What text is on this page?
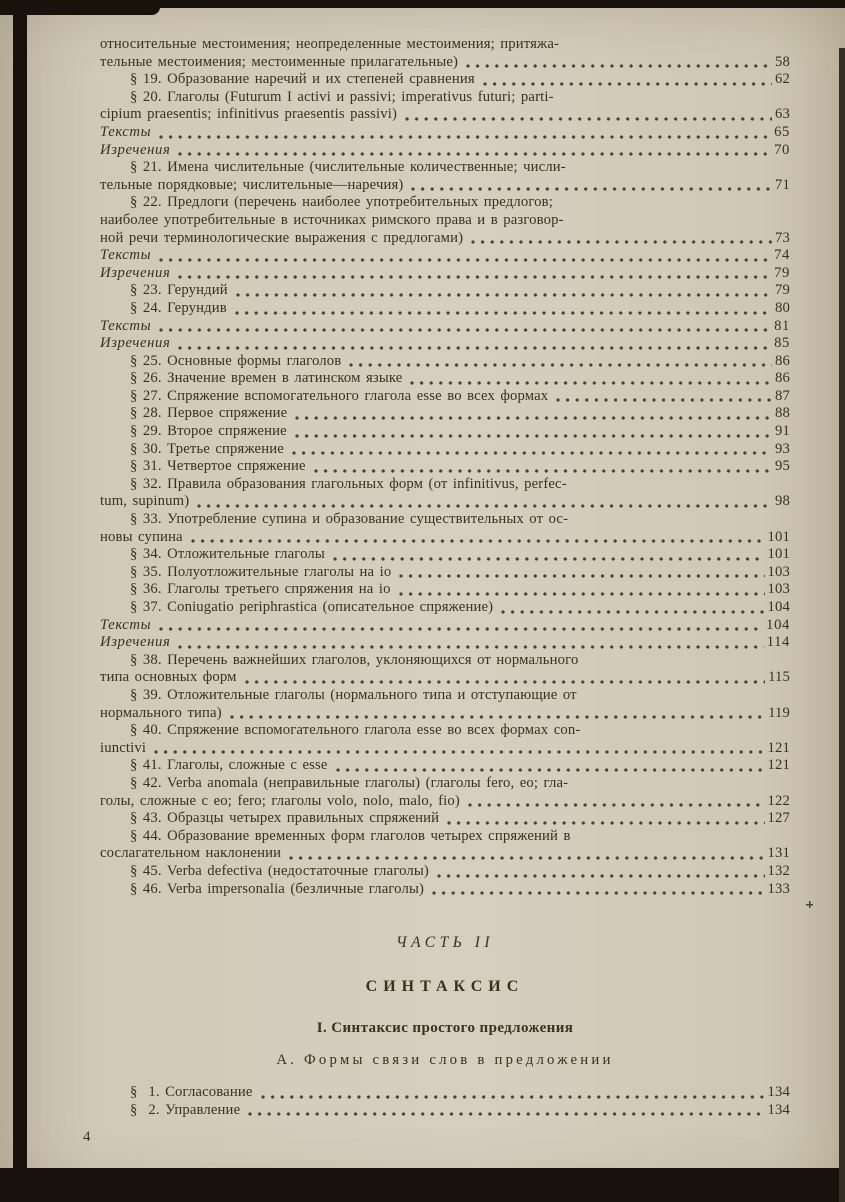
относительные местоимения; неопределенные местоимения; притяжа-
тельные местоимения; местоименные прилагательные)	58
§ 19. Образование наречий и их степеней сравнения	62
§ 20. Глаголы (Futurum I activi и passivi; imperativus futuri; parti-
cipium praesentis; infinitivus praesentis passivi)	63
Тексты	65
Изречения	70
§ 21. Имена числительные (числительные количественные; числи-
тельные порядковые; числительные—наречия)	71
§ 22. Предлоги (перечень наиболее употребительных предлогов;
наиболее употребительные в источниках римского права и в разговор-
ной речи терминологические выражения с предлогами)	73
Тексты	74
Изречения	79
§ 23. Герундий	79
§ 24. Герундив	80
Тексты	81
Изречения	85
§ 25. Основные формы глаголов	86
§ 26. Значение времен в латинском языке	86
§ 27. Спряжение вспомогательного глагола esse во всех формах	87
§ 28. Первое спряжение	88
§ 29. Второе спряжение	91
§ 30. Третье спряжение	93
§ 31. Четвертое спряжение	95
§ 32. Правила образования глагольных форм (от infinitivus, perfec-
tum, supinum)	98
§ 33. Употребление супина и образование существительных от ос-
новы супина	101
§ 34. Отложительные глаголы	101
§ 35. Полуотложительные глаголы на io	103
§ 36. Глаголы третьего спряжения на io	103
§ 37. Coniugatio periphrastica (описательное спряжение)	104
Тексты	104
Изречения	114
§ 38. Перечень важнейших глаголов, уклоняющихся от нормального
типа основных форм	115
§ 39. Отложительные глаголы (нормального типа и отступающие от
нормального типа)	119
§ 40. Спряжение вспомогательного глагола esse во всех формах con-
iunctivi	121
§ 41. Глаголы, сложные с esse	121
§ 42. Verba anomala (неправильные глаголы) (глаголы fero, eo; гла-
голы, сложные с eo; fero; глаголы volo, nolo, malo, fio)	122
§ 43. Образцы четырех правильных спряжений	127
§ 44. Образование временных форм глаголов четырех спряжений в
сослагательном наклонении	131
§ 45. Verba defectiva (недостаточные глаголы)	132
§ 46. Verba impersonalia (безличные глаголы)	133
ЧАСТЬ II
СИНТАКСИС
I. Синтаксис простого предложения
А. Формы связи слов в предложении
§  1. Согласование	134
§  2. Управление	134
4
